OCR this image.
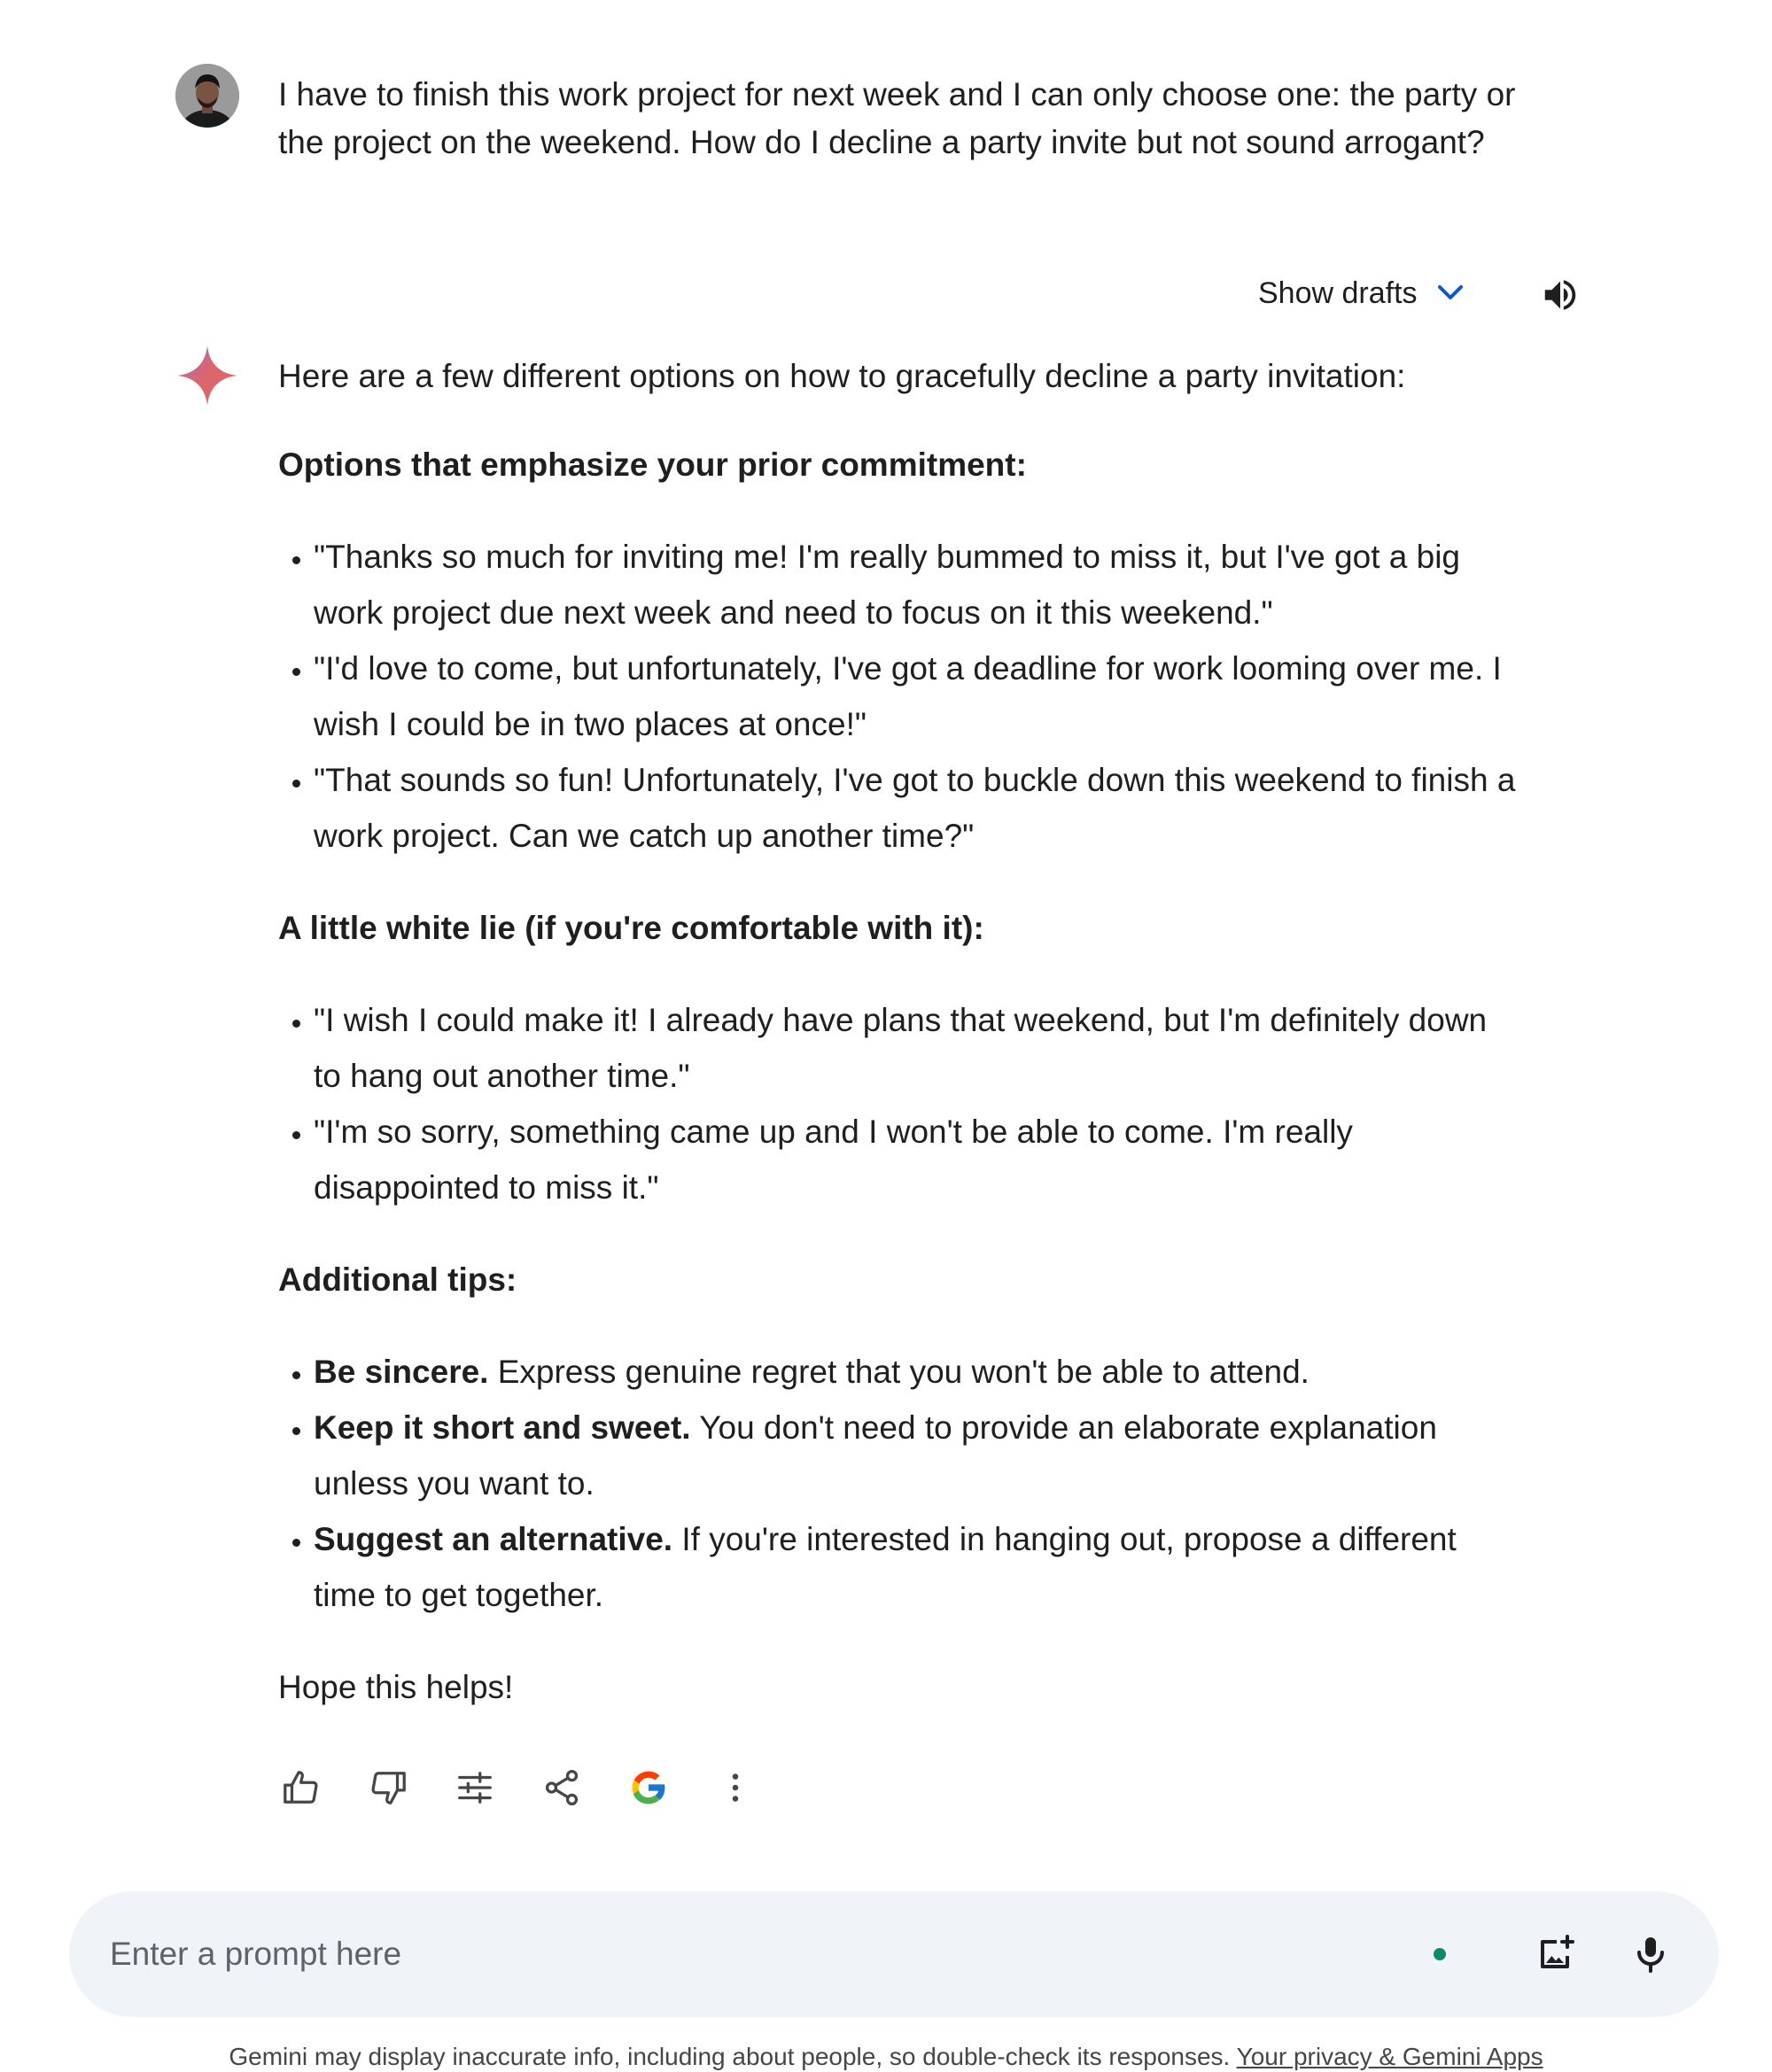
I have to finish this work project for next week and I can only choose one: the party or the project on the weekend. How do I decline a party invite but not sound arrogant?

Show drafts

Here are a few different options on how to gracefully decline a party invitation:

Options that emphasize your prior commitment:

• "Thanks so much for inviting me! I'm really bummed to miss it, but I've got a big work project due next week and need to focus on it this weekend."
• "I'd love to come, but unfortunately, I've got a deadline for work looming over me. I wish I could be in two places at once!"
• "That sounds so fun! Unfortunately, I've got to buckle down this weekend to finish a work project. Can we catch up another time?"

A little white lie (if you're comfortable with it):

• "I wish I could make it! I already have plans that weekend, but I'm definitely down to hang out another time."
• "I'm so sorry, something came up and I won't be able to come. I'm really disappointed to miss it."

Additional tips:

• Be sincere. Express genuine regret that you won't be able to attend.
• Keep it short and sweet. You don't need to provide an elaborate explanation unless you want to.
• Suggest an alternative. If you're interested in hanging out, propose a different time to get together.

Hope this helps!

Enter a prompt here
Gemini may display inaccurate info, including about people, so double-check its responses. Your privacy & Gemini Apps
